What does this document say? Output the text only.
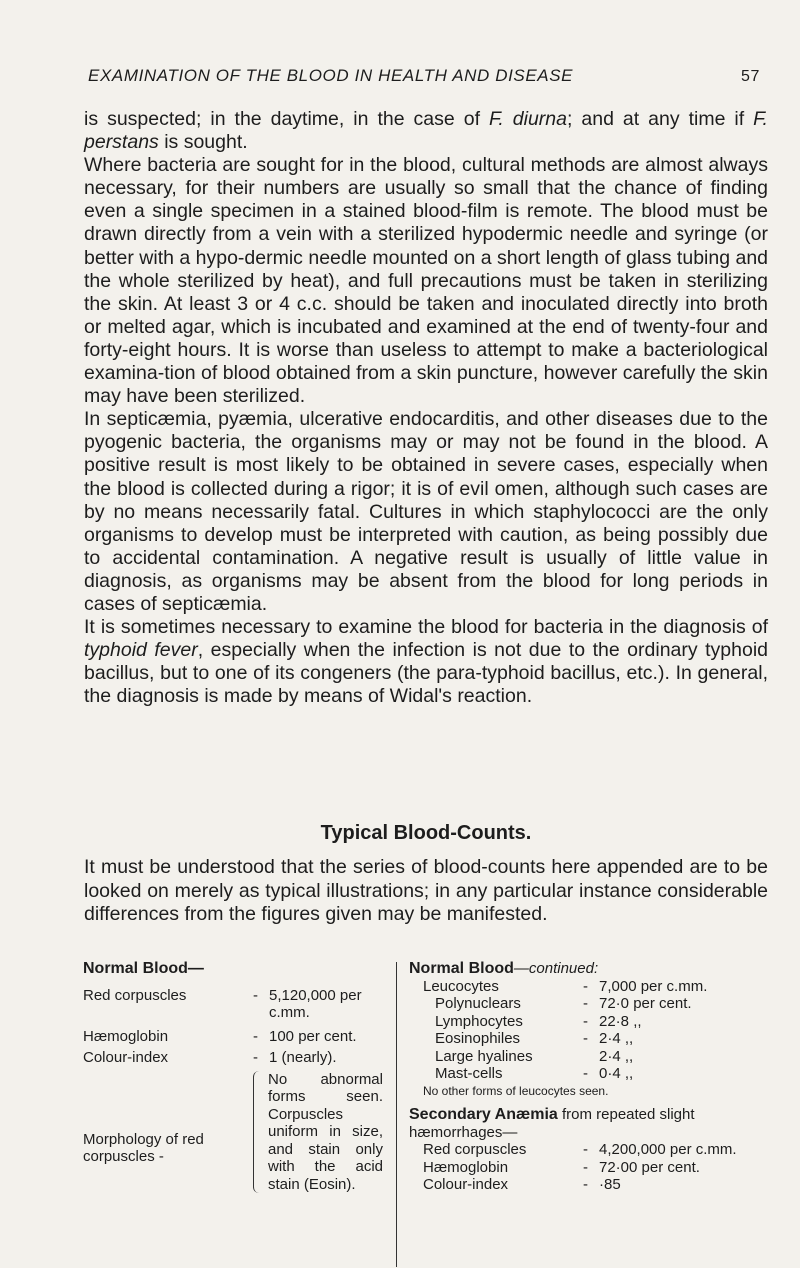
EXAMINATION OF THE BLOOD IN HEALTH AND DISEASE	57

is suspected; in the daytime, in the case of F. diurna; and at any time if F. perstans is sought.

Where bacteria are sought for in the blood, cultural methods are almost always necessary, for their numbers are usually so small that the chance of finding even a single specimen in a stained blood-film is remote. The blood must be drawn directly from a vein with a sterilized hypodermic needle and syringe (or better with a hypo-dermic needle mounted on a short length of glass tubing and the whole sterilized by heat), and full precautions must be taken in sterilizing the skin. At least 3 or 4 c.c. should be taken and inoculated directly into broth or melted agar, which is incubated and examined at the end of twenty-four and forty-eight hours. It is worse than useless to attempt to make a bacteriological examina-tion of blood obtained from a skin puncture, however carefully the skin may have been sterilized.

In septicæmia, pyæmia, ulcerative endocarditis, and other diseases due to the pyogenic bacteria, the organisms may or may not be found in the blood. A positive result is most likely to be obtained in severe cases, especially when the blood is collected during a rigor; it is of evil omen, although such cases are by no means necessarily fatal. Cultures in which staphylococci are the only organisms to develop must be interpreted with caution, as being possibly due to accidental contamination. A negative result is usually of little value in diagnosis, as organisms may be absent from the blood for long periods in cases of septicæmia.

It is sometimes necessary to examine the blood for bacteria in the diagnosis of typhoid fever, especially when the infection is not due to the ordinary typhoid bacillus, but to one of its congeners (the para-typhoid bacillus, etc.). In general, the diagnosis is made by means of Widal's reaction.

Typical Blood-Counts.
It must be understood that the series of blood-counts here appended are to be looked on merely as typical illustrations; in any particular instance considerable differences from the figures given may be manifested.
Normal Blood—
Red corpuscles	- 5,120,000 per c.mm.
Hæmoglobin	- 100 per cent.
Colour-index	- 1 (nearly).
Morphology of red corpuscles -
No abnormal forms seen. Corpuscles uniform in size, and stain only with the acid stain (Eosin).
Normal Blood—continued:
Leucocytes	- 7,000 per c.mm.
Polynuclears	- 72·0 per cent.
Lymphocytes	- 22·8 ,,
Eosinophiles	- 2·4 ,,
Large hyalines	2·4 ,,
Mast-cells	- 0·4 ,,
No other forms of leucocytes seen.
Secondary Anæmia from repeated slight hæmorrhages—
Red corpuscles	- 4,200,000 per c.mm.
Hæmoglobin	- 72·00 per cent.
Colour-index	- ·85
